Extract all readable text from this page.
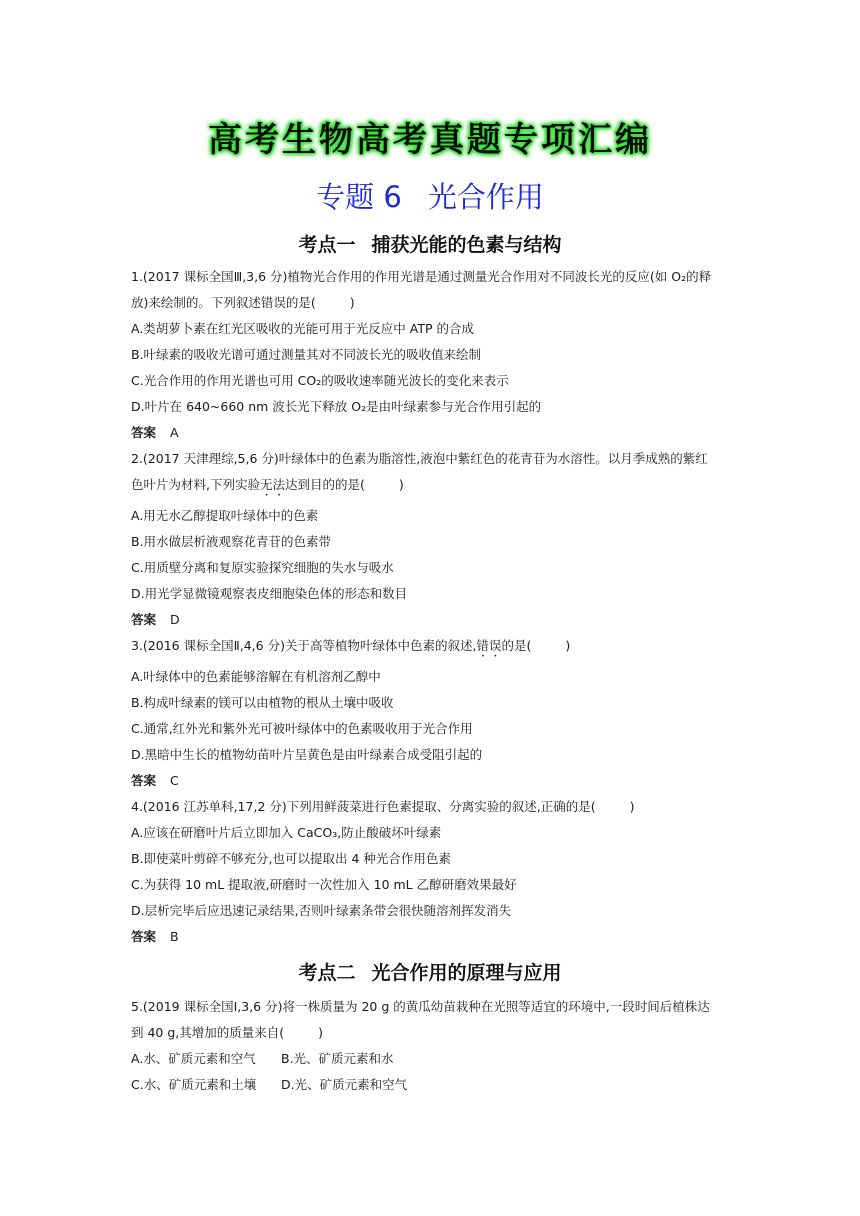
高考生物高考真题专项汇编
专题 6 光合作用
考点一 捕获光能的色素与结构
1.(2017 课标全国Ⅲ,3,6 分)植物光合作用的作用光谱是通过测量光合作用对不同波长光的反应(如 O₂的释
放)来绘制的。下列叙述错误的是(	)
A.类胡萝卜素在红光区吸收的光能可用于光反应中 ATP 的合成
B.叶绿素的吸收光谱可通过测量其对不同波长光的吸收值来绘制
C.光合作用的作用光谱也可用 CO₂的吸收速率随光波长的变化来表示
D.叶片在 640~660 nm 波长光下释放 O₂是由叶绿素参与光合作用引起的
答案 A
2.(2017 天津理综,5,6 分)叶绿体中的色素为脂溶性,液泡中紫红色的花青苷为水溶性。以月季成熟的紫红
色叶片为材料,下列实验无法达到目的的是(	)
A.用无水乙醇提取叶绿体中的色素
B.用水做层析液观察花青苷的色素带
C.用质壁分离和复原实验探究细胞的失水与吸水
D.用光学显微镜观察表皮细胞染色体的形态和数目
答案 D
3.(2016 课标全国Ⅱ,4,6 分)关于高等植物叶绿体中色素的叙述,错误的是(	)
A.叶绿体中的色素能够溶解在有机溶剂乙醇中
B.构成叶绿素的镁可以由植物的根从土壤中吸收
C.通常,红外光和紫外光可被叶绿体中的色素吸收用于光合作用
D.黑暗中生长的植物幼苗叶片呈黄色是由叶绿素合成受阻引起的
答案 C
4.(2016 江苏单科,17,2 分)下列用鲜菠菜进行色素提取、分离实验的叙述,正确的是(	)
A.应该在研磨叶片后立即加入 CaCO₃,防止酸破坏叶绿素
B.即使菜叶剪碎不够充分,也可以提取出 4 种光合作用色素
C.为获得 10 mL 提取液,研磨时一次性加入 10 mL 乙醇研磨效果最好
D.层析完毕后应迅速记录结果,否则叶绿素条带会很快随溶剂挥发消失
答案 B
考点二 光合作用的原理与应用
5.(2019 课标全国Ⅰ,3,6 分)将一株质量为 20 g 的黄瓜幼苗栽种在光照等适宜的环境中,一段时间后植株达
到 40 g,其增加的质量来自(	)
A.水、矿质元素和空气 B.光、矿质元素和水
C.水、矿质元素和土壤 D.光、矿质元素和空气
